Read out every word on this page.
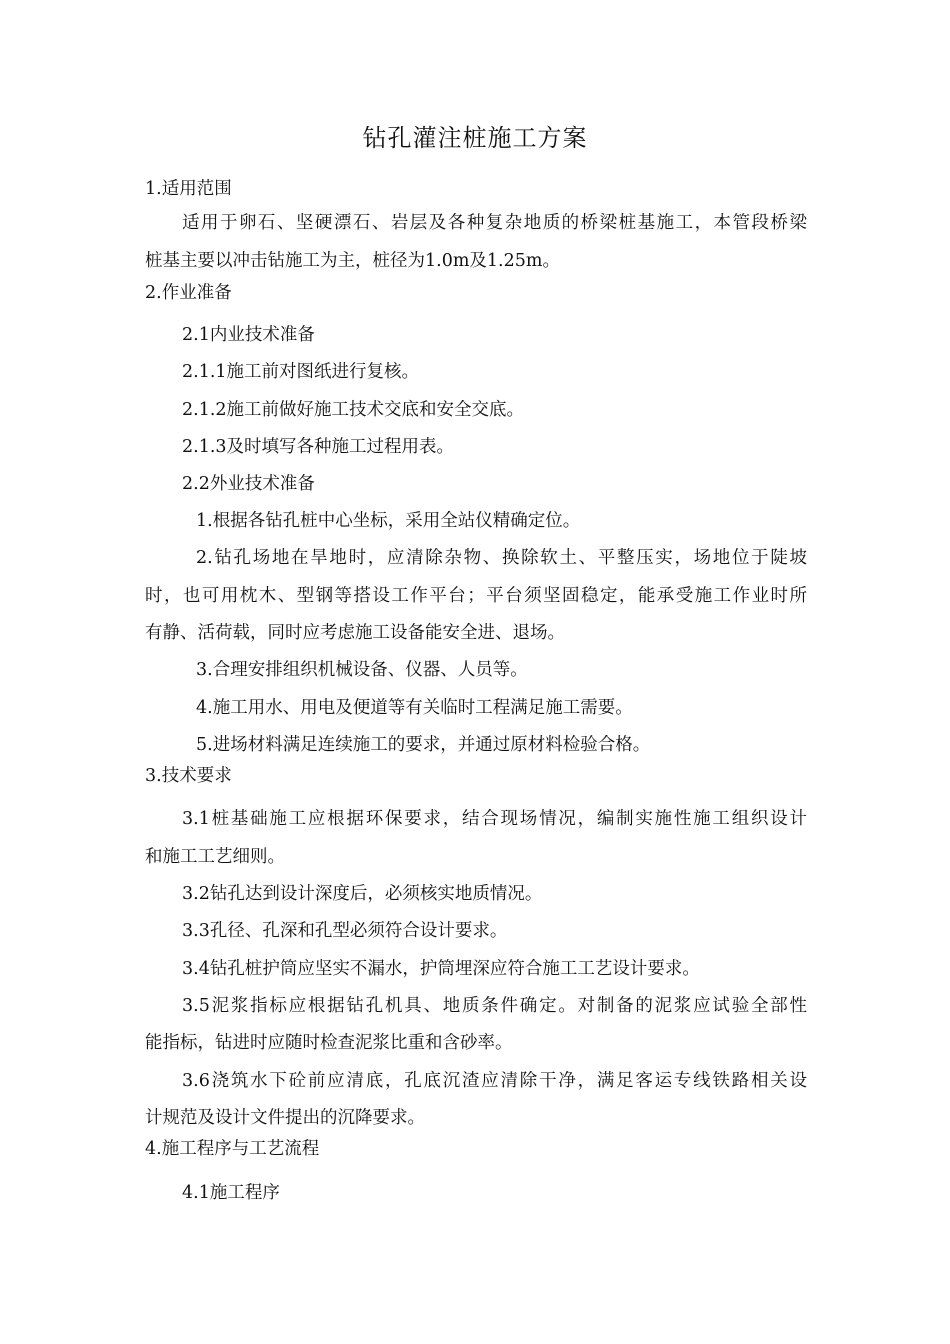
钻孔灌注桩施工方案
1.适用范围
适用于卵石、坚硬漂石、岩层及各种复杂地质的桥梁桩基施工，本管段桥梁
桩基主要以冲击钻施工为主，桩径为1.0m及1.25m。
2.作业准备
2.1内业技术准备
2.1.1施工前对图纸进行复核。
2.1.2施工前做好施工技术交底和安全交底。
2.1.3及时填写各种施工过程用表。
2.2外业技术准备
1.根据各钻孔桩中心坐标，采用全站仪精确定位。
2.钻孔场地在旱地时，应清除杂物、换除软土、平整压实，场地位于陡坡
时，也可用枕木、型钢等搭设工作平台；平台须坚固稳定，能承受施工作业时所
有静、活荷载，同时应考虑施工设备能安全进、退场。
3.合理安排组织机械设备、仪器、人员等。
4.施工用水、用电及便道等有关临时工程满足施工需要。
5.进场材料满足连续施工的要求，并通过原材料检验合格。
3.技术要求
3.1桩基础施工应根据环保要求，结合现场情况，编制实施性施工组织设计
和施工工艺细则。
3.2钻孔达到设计深度后，必须核实地质情况。
3.3孔径、孔深和孔型必须符合设计要求。
3.4钻孔桩护筒应坚实不漏水，护筒埋深应符合施工工艺设计要求。
3.5泥浆指标应根据钻孔机具、地质条件确定。对制备的泥浆应试验全部性
能指标，钻进时应随时检查泥浆比重和含砂率。
3.6浇筑水下砼前应清底，孔底沉渣应清除干净，满足客运专线铁路相关设
计规范及设计文件提出的沉降要求。
4.施工程序与工艺流程
4.1施工程序
